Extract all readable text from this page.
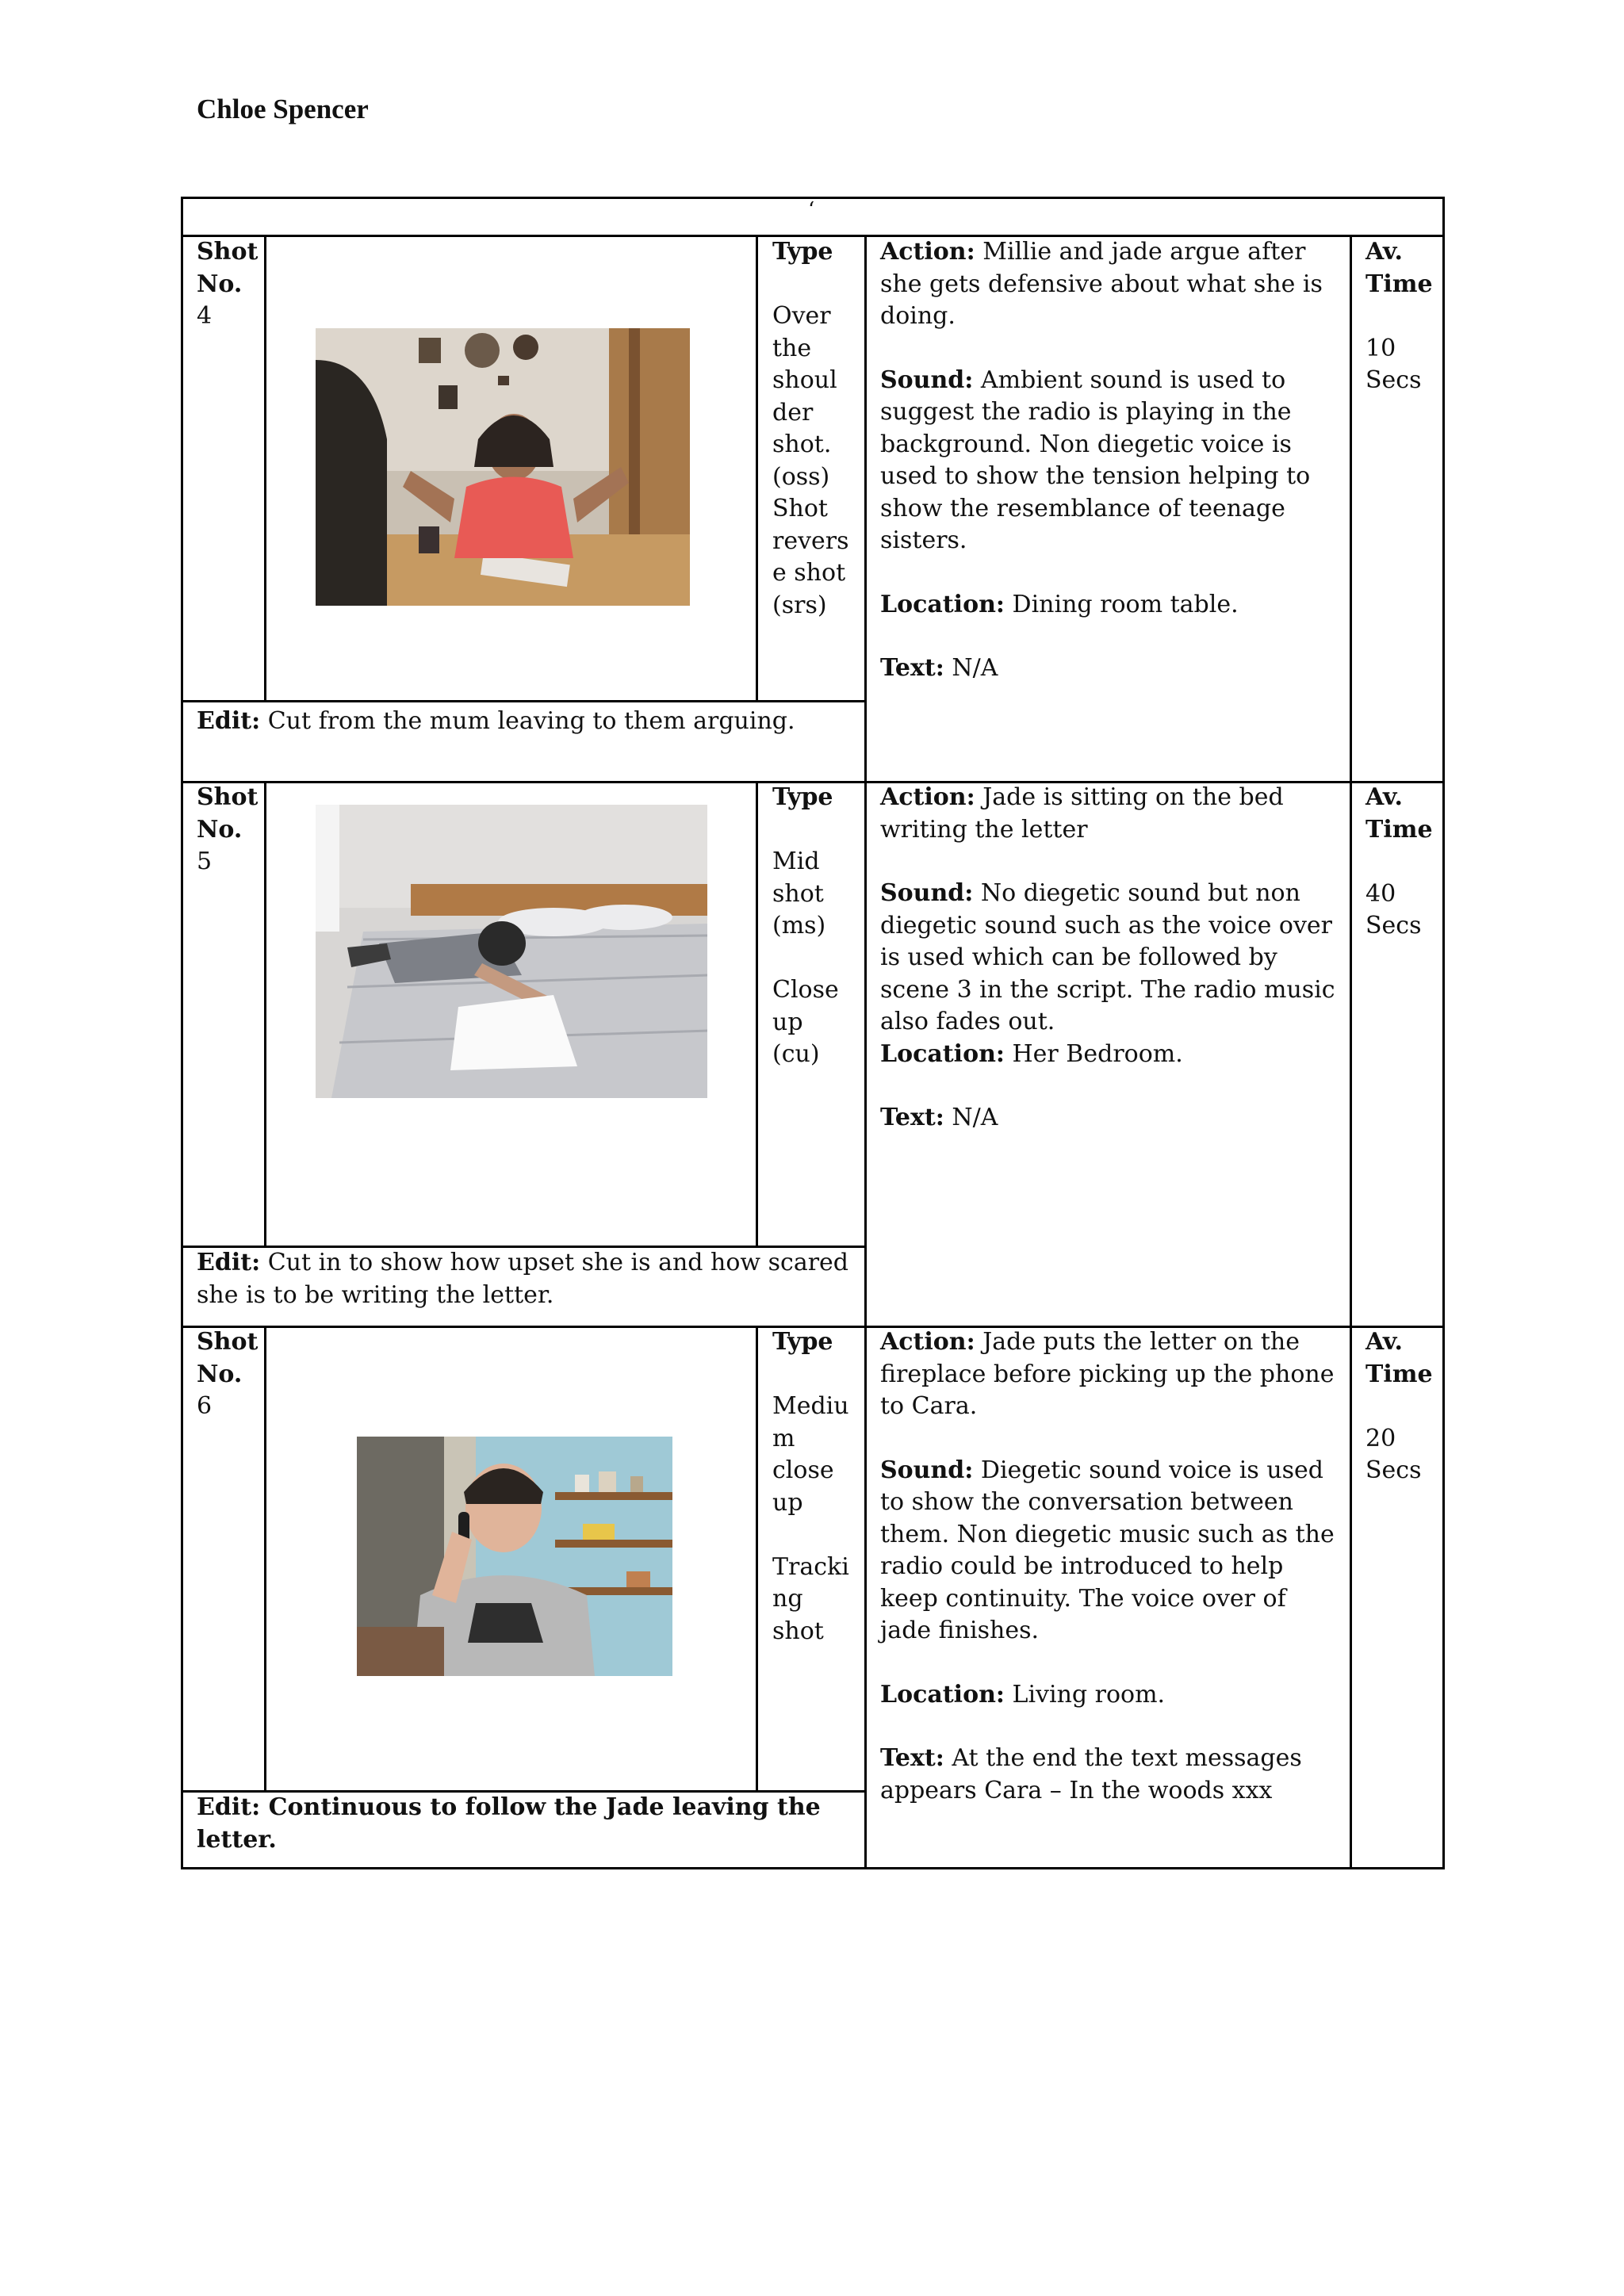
Chloe Spencer
‘
Shot
No.
4
Type

Over
the
shoul
der
shot.
(oss)
Shot
revers
e shot
(srs)
Action: Millie and jade argue after she gets defensive about what she is doing.
Sound: Ambient sound is used to suggest the radio is playing in the background. Non diegetic voice is used to show the tension helping to show the resemblance of teenage sisters.
Location: Dining room table.
Text: N/A
Av.
Time

10
Secs
Edit: Cut from the mum leaving to them arguing.
Shot
No.
5
Type

Mid
shot
(ms)

Close
up
(cu)
Action: Jade is sitting on the bed writing the letter
Sound: No diegetic sound but non diegetic sound such as the voice over is used which can be followed by scene 3 in the script. The radio music also fades out.
Location: Her Bedroom.
Text: N/A
Av.
Time

40
Secs
Edit: Cut in to show how upset she is and how scared she is to be writing the letter.
Shot
No.
6
Type

Mediu
m
close
up

Tracki
ng
shot
Action: Jade puts the letter on the fireplace before picking up the phone to Cara.
Sound: Diegetic sound voice is used to show the conversation between them. Non diegetic music such as the radio could be introduced to help keep continuity. The voice over of jade finishes.
Location: Living room.
Text: At the end the text messages appears Cara – In the woods xxx
Av.
Time

20
Secs
Edit: Continuous to follow the Jade leaving the letter.
